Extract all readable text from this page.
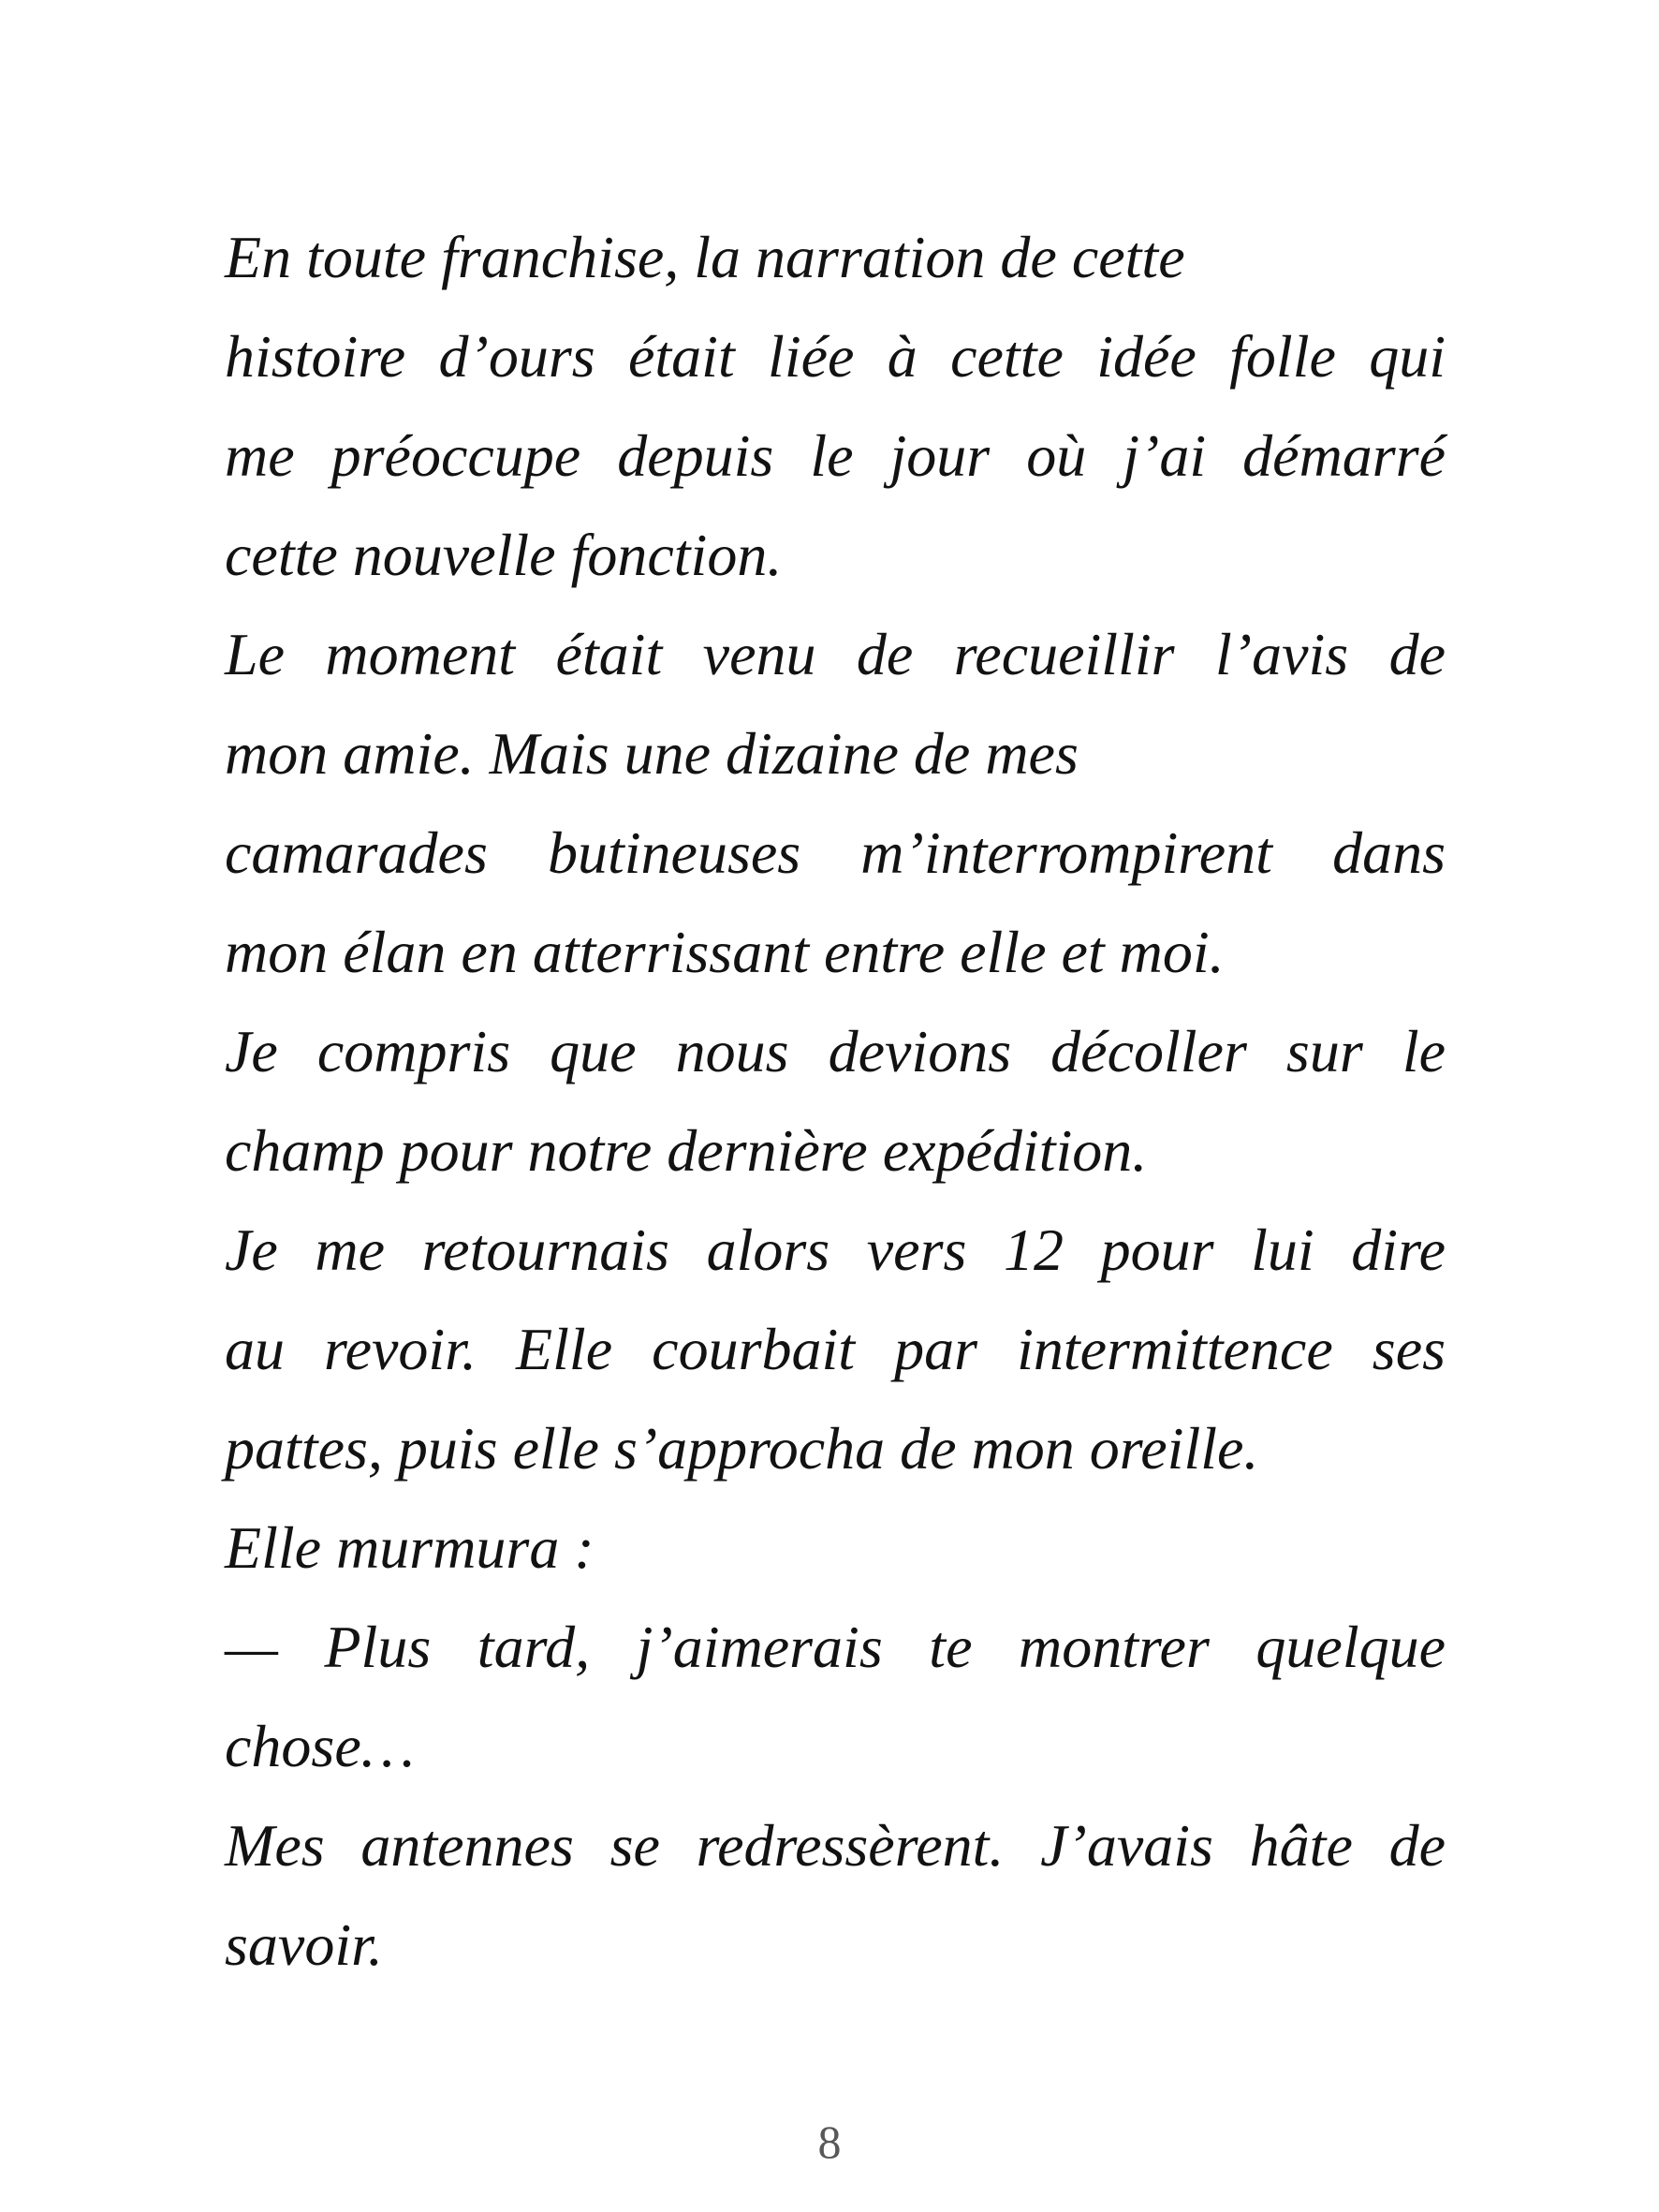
En toute franchise, la narration de cette
histoire d’ours était liée à cette idée folle qui
me préoccupe depuis le jour où j’ai démarré
cette nouvelle fonction.
Le moment était venu de recueillir l’avis de
mon amie. Mais une dizaine de mes
camarades butineuses m’interrompirent dans
mon élan en atterrissant entre elle et moi.
Je compris que nous devions décoller sur le
champ pour notre dernière expédition.
Je me retournais alors vers 12 pour lui dire
au revoir. Elle courbait par intermittence ses
pattes, puis elle s’approcha de mon oreille.
Elle murmura :
— Plus tard, j’aimerais te montrer quelque
chose…
Mes antennes se redressèrent. J’avais hâte de
savoir.
8
